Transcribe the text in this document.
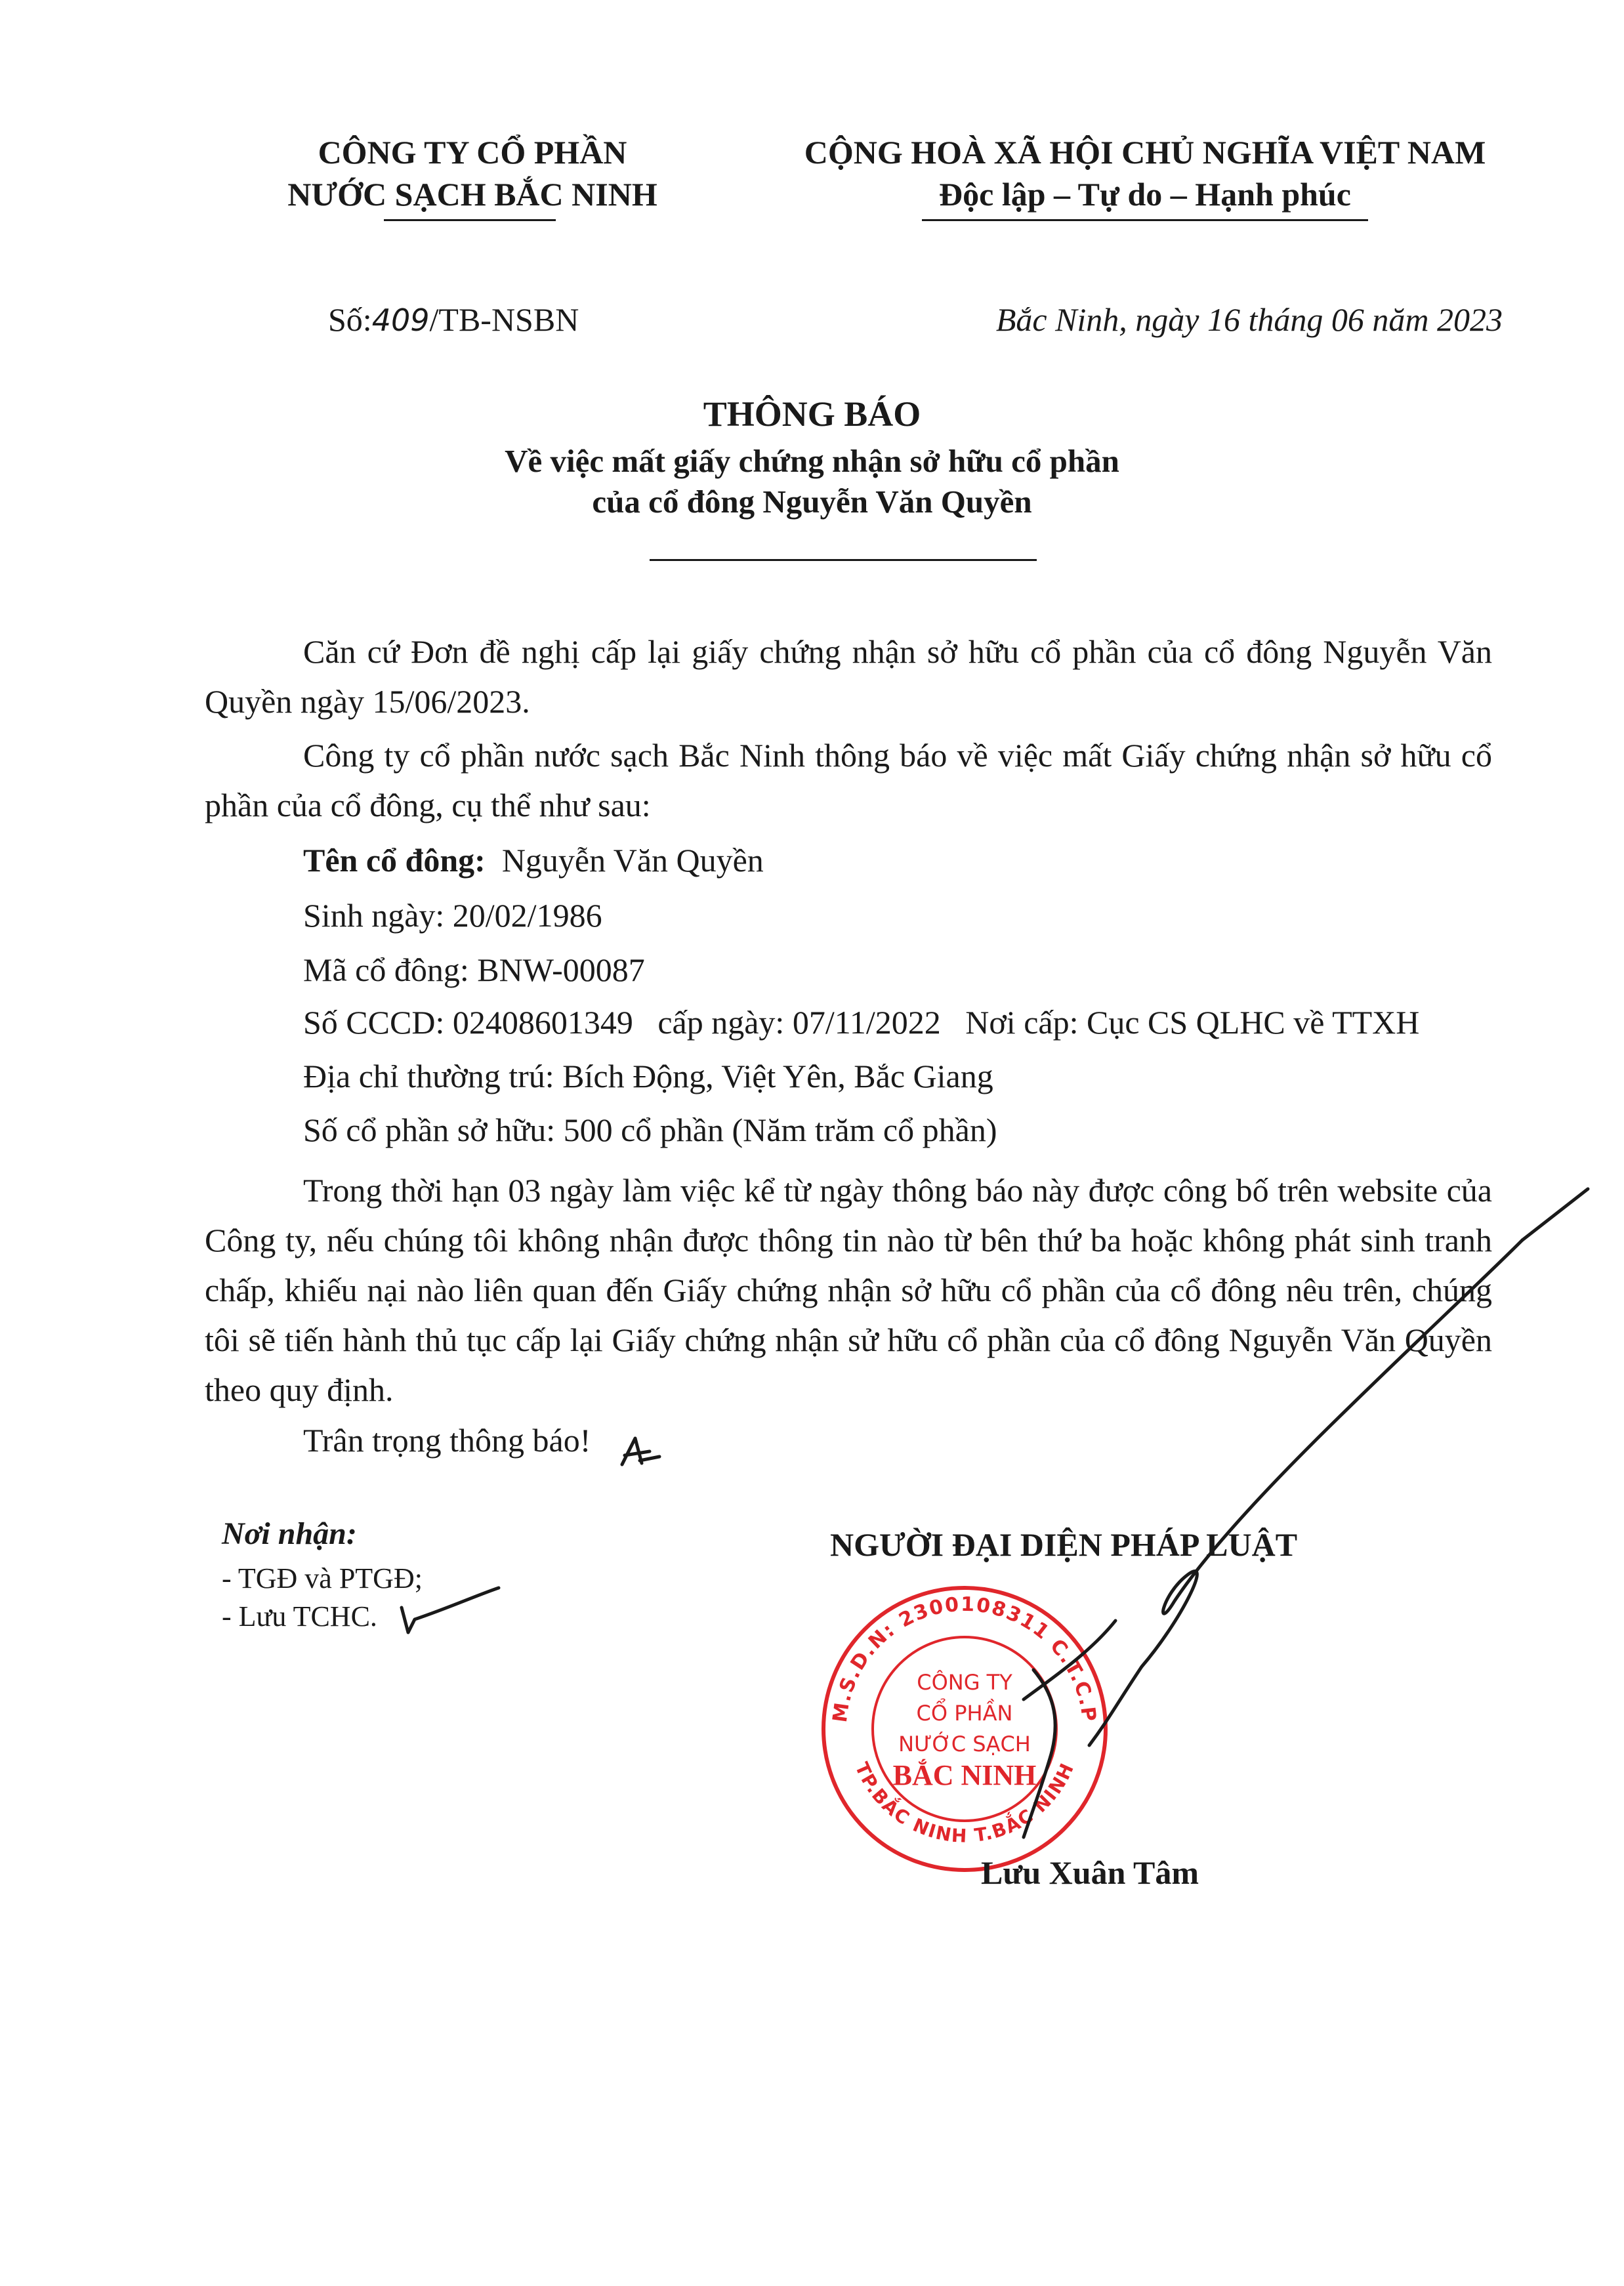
CÔNG TY CỔ PHẦN
NƯỚC SẠCH BẮC NINH
CỘNG HOÀ XÃ HỘI CHỦ NGHĨA VIỆT NAM
Độc lập – Tự do – Hạnh phúc
Số:409/TB-NSBN	Bắc Ninh, ngày 16 tháng 06 năm 2023
THÔNG BÁO
Về việc mất giấy chứng nhận sở hữu cổ phần
của cổ đông Nguyễn Văn Quyền
Căn cứ Đơn đề nghị cấp lại giấy chứng nhận sở hữu cổ phần của cổ đông Nguyễn Văn Quyền ngày 15/06/2023.
Công ty cổ phần nước sạch Bắc Ninh thông báo về việc mất Giấy chứng nhận sở hữu cổ phần của cổ đông, cụ thể như sau:
Tên cổ đông:  Nguyễn Văn Quyền
Sinh ngày: 20/02/1986
Mã cổ đông: BNW-00087
Số CCCD: 02408601349   cấp ngày: 07/11/2022   Nơi cấp: Cục CS QLHC về TTXH
Địa chỉ thường trú: Bích Động, Việt Yên, Bắc Giang
Số cổ phần sở hữu: 500 cổ phần (Năm trăm cổ phần)
Trong thời hạn 03 ngày làm việc kể từ ngày thông báo này được công bố trên website của Công ty, nếu chúng tôi không nhận được thông tin nào từ bên thứ ba hoặc không phát sinh tranh chấp, khiếu nại nào liên quan đến Giấy chứng nhận sở hữu cổ phần của cổ đông nêu trên, chúng tôi sẽ tiến hành thủ tục cấp lại Giấy chứng nhận sử hữu cổ phần của cổ đông Nguyễn Văn Quyền theo quy định.
Trân trọng thông báo!
Nơi nhận:
- TGĐ và PTGĐ;
- Lưu TCHC.
NGƯỜI ĐẠI DIỆN PHÁP LUẬT
M.S.D.N: 2300108311 C.T.C.P
TP.BẮC NINH T.BẮC NINH
CÔNG TY
CỔ PHẦN
NƯỚC SẠCH
BẮC NINH
Lưu Xuân Tâm
